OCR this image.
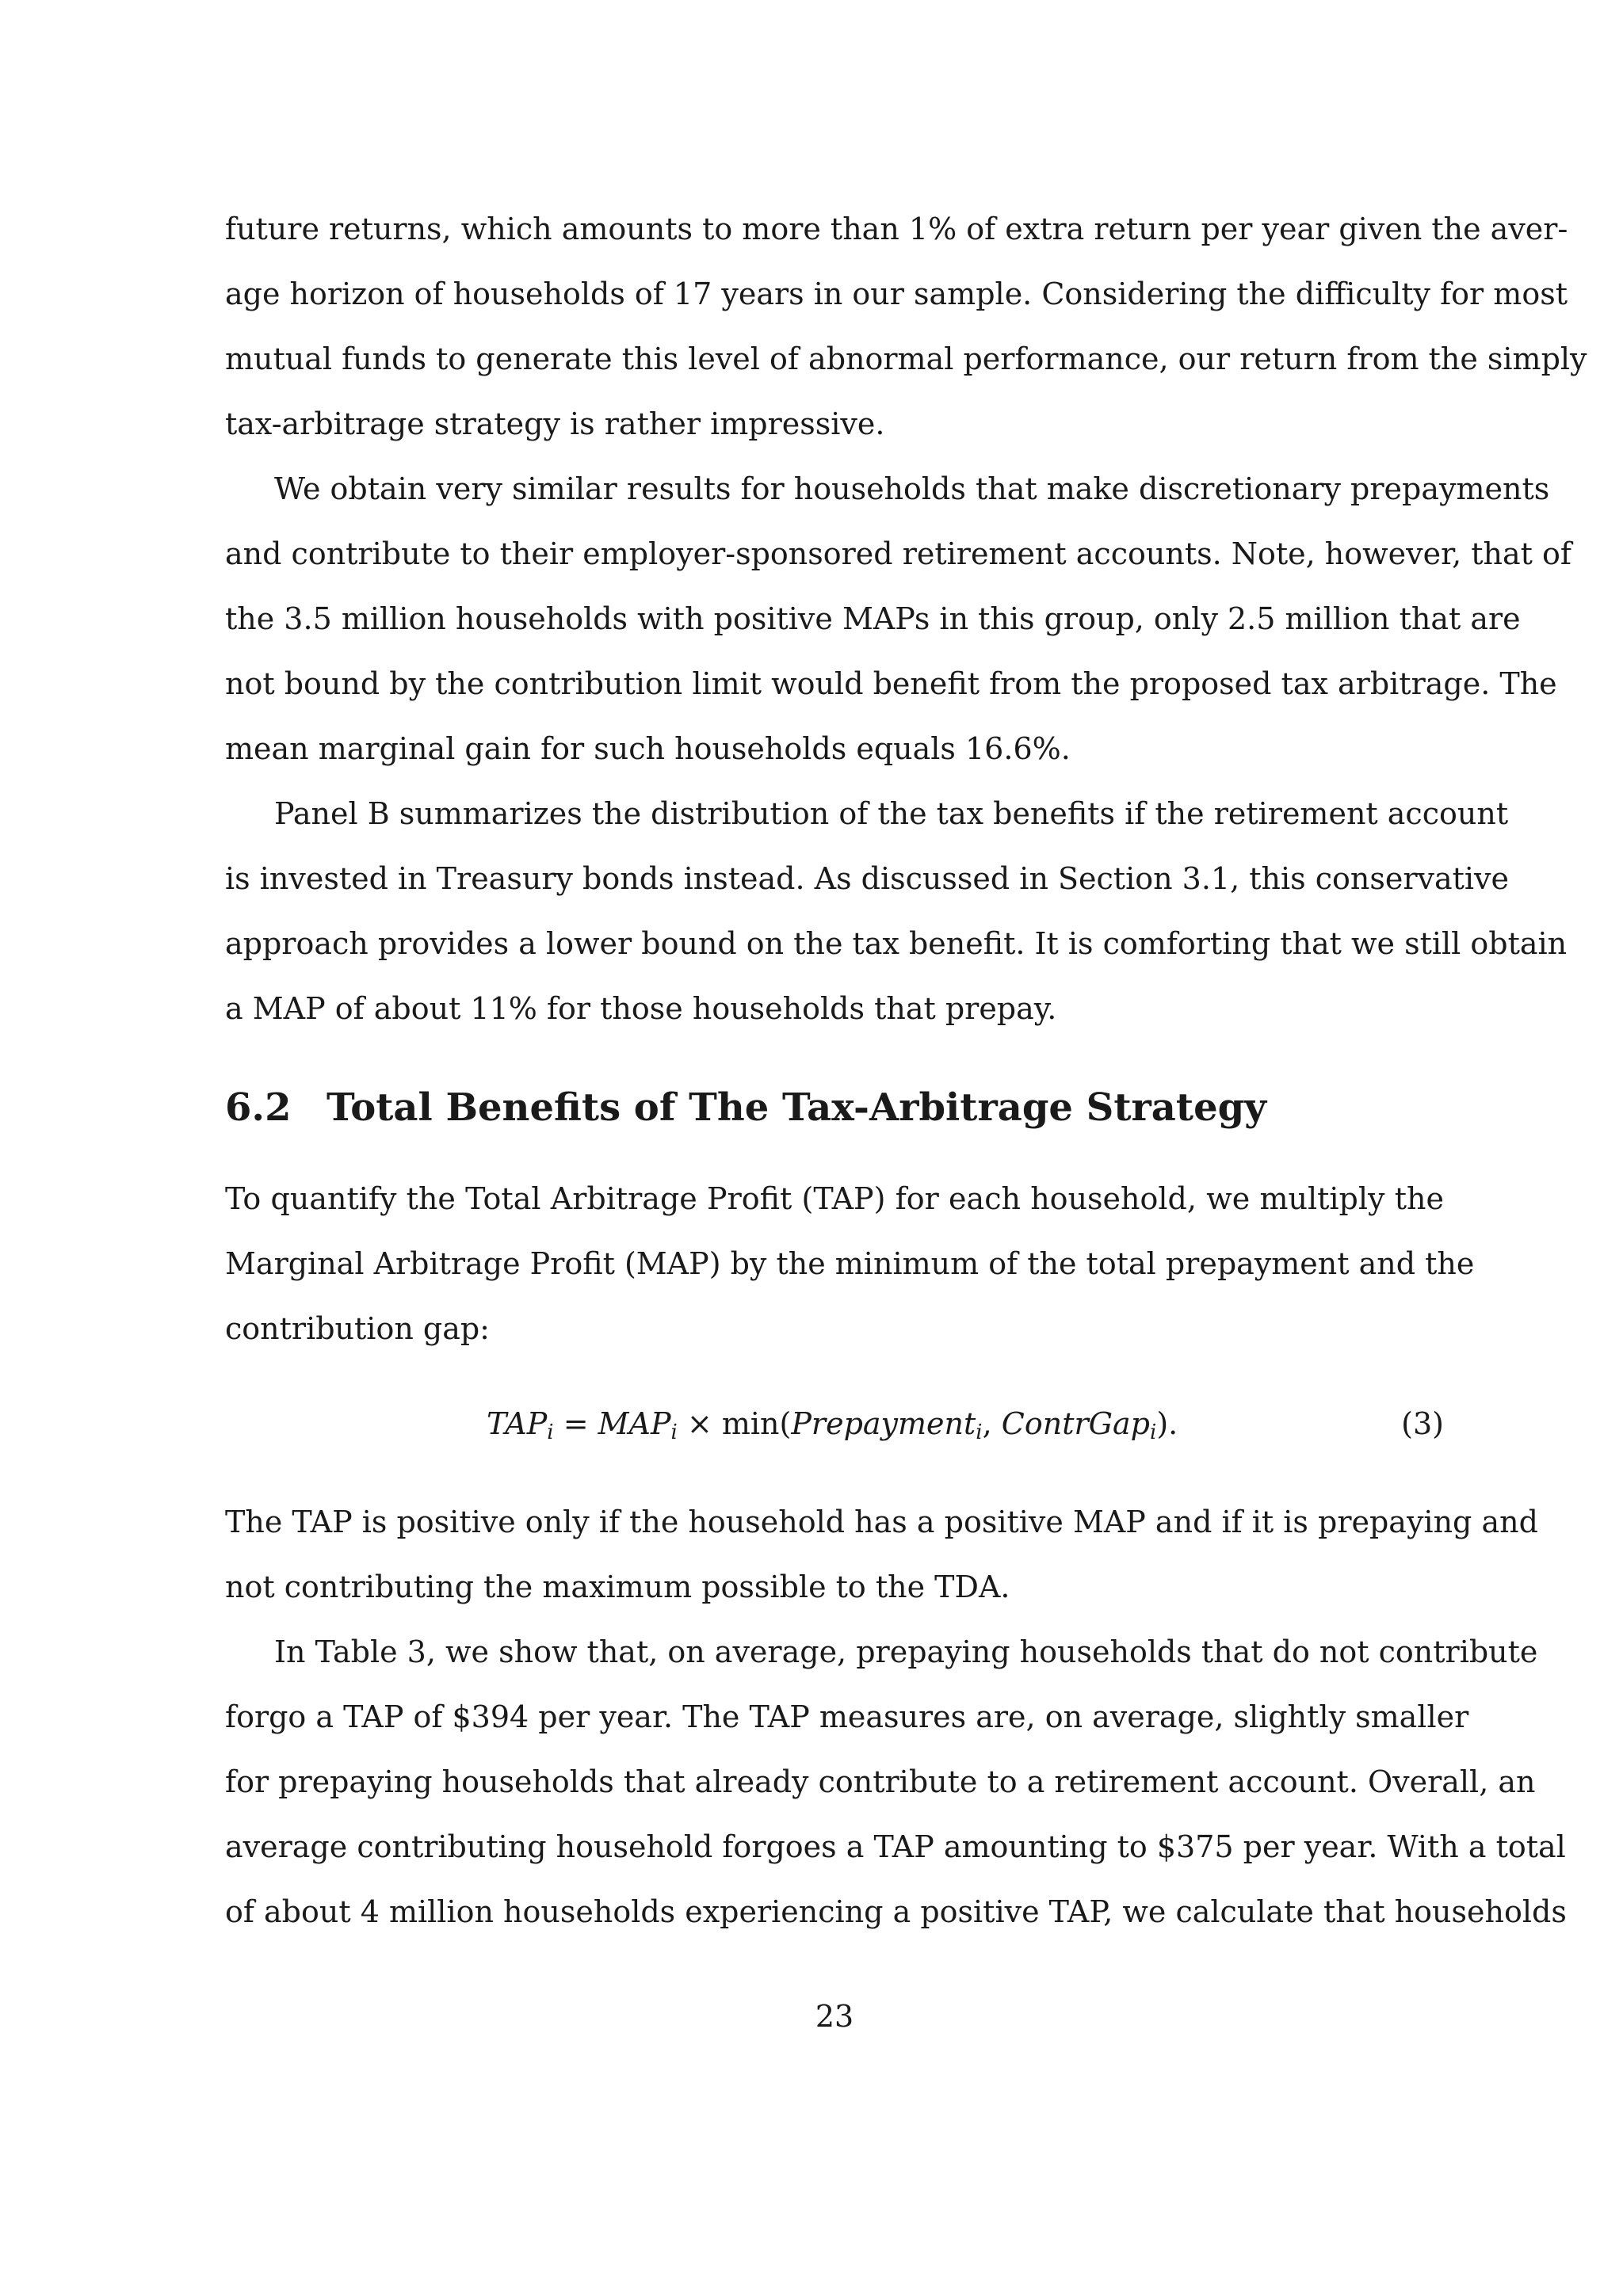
future returns, which amounts to more than 1% of extra return per year given the aver-
age horizon of households of 17 years in our sample. Considering the difficulty for most
mutual funds to generate this level of abnormal performance, our return from the simply
tax-arbitrage strategy is rather impressive.
We obtain very similar results for households that make discretionary prepayments
and contribute to their employer-sponsored retirement accounts. Note, however, that of
the 3.5 million households with positive MAPs in this group, only 2.5 million that are
not bound by the contribution limit would benefit from the proposed tax arbitrage. The
mean marginal gain for such households equals 16.6%.
Panel B summarizes the distribution of the tax benefits if the retirement account
is invested in Treasury bonds instead. As discussed in Section 3.1, this conservative
approach provides a lower bound on the tax benefit. It is comforting that we still obtain
a MAP of about 11% for those households that prepay.
6.2 Total Benefits of The Tax-Arbitrage Strategy
To quantify the Total Arbitrage Profit (TAP) for each household, we multiply the
Marginal Arbitrage Profit (MAP) by the minimum of the total prepayment and the
contribution gap:
$TAP_i = MAP_i$ × min(Prepayment$_i$, ContrGap$_i$).	(3)
The TAP is positive only if the household has a positive MAP and if it is prepaying and
not contributing the maximum possible to the TDA.
In Table 3, we show that, on average, prepaying households that do not contribute
forgo a TAP of $394 per year. The TAP measures are, on average, slightly smaller
for prepaying households that already contribute to a retirement account. Overall, an
average contributing household forgoes a TAP amounting to $375 per year. With a total
of about 4 million households experiencing a positive TAP, we calculate that households
23
